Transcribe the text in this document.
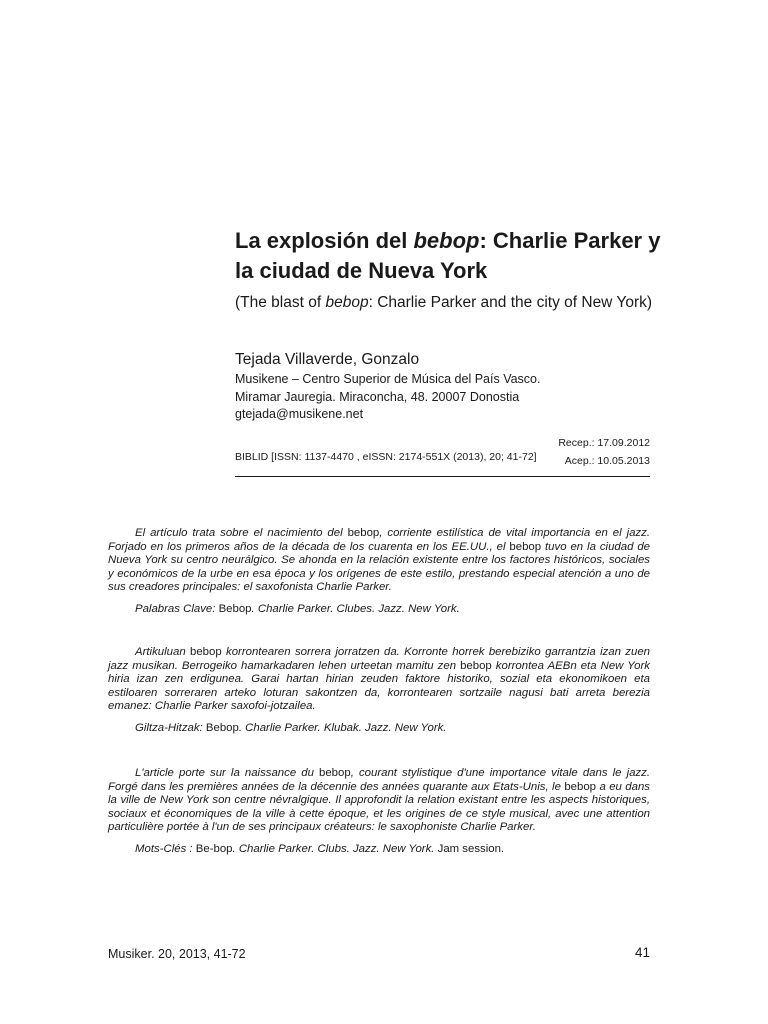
La explosión del bebop: Charlie Parker y la ciudad de Nueva York

(The blast of bebop: Charlie Parker and the city of New York)

Tejada Villaverde, Gonzalo

Musikene – Centro Superior de Música del País Vasco.
Miramar Jauregia. Miraconcha, 48. 20007 Donostia
gtejada@musikene.net
Recep.: 17.09.2012
Acep.: 10.05.2013
BIBLID [ISSN: 1137-4470 , eISSN: 2174-551X (2013), 20; 41-72]

El artículo trata sobre el nacimiento del bebop, corriente estilística de vital importancia en el jazz. Forjado en los primeros años de la década de los cuarenta en los EE.UU., el bebop tuvo en la ciudad de Nueva York su centro neurálgico. Se ahonda en la relación existente entre los factores históricos, sociales y económicos de la urbe en esa época y los orígenes de este estilo, prestando especial atención a uno de sus creadores principales: el saxofonista Charlie Parker.

Palabras Clave: Bebop. Charlie Parker. Clubes. Jazz. New York.

Artikuluan bebop korrontearen sorrera jorratzen da. Korronte horrek berebiziko garrantzia izan zuen jazz musikan. Berrogeiko hamarkadaren lehen urteetan mamitu zen bebop korrontea AEBn eta New York hiria izan zen erdigunea. Garai hartan hirian zeuden faktore historiko, sozial eta ekonomikoen eta estiloaren sorreraren arteko loturan sakontzen da, korrontearen sortzaile nagusi bati arreta berezia emanez: Charlie Parker saxofoi-jotzailea.

Giltza-Hitzak: Bebop. Charlie Parker. Klubak. Jazz. New York.

L'article porte sur la naissance du bebop, courant stylistique d'une importance vitale dans le jazz. Forgé dans les premières années de la décennie des années quarante aux Etats-Unis, le bebop a eu dans la ville de New York son centre névralgique. Il approfondit la relation existant entre les aspects historiques, sociaux et économiques de la ville à cette époque, et les origines de ce style musical, avec une attention particulière portée à l'un de ses principaux créateurs: le saxophoniste Charlie Parker.

Mots-Clés : Be-bop. Charlie Parker. Clubs. Jazz. New York. Jam session.

Musiker. 20, 2013, 41-72	41
